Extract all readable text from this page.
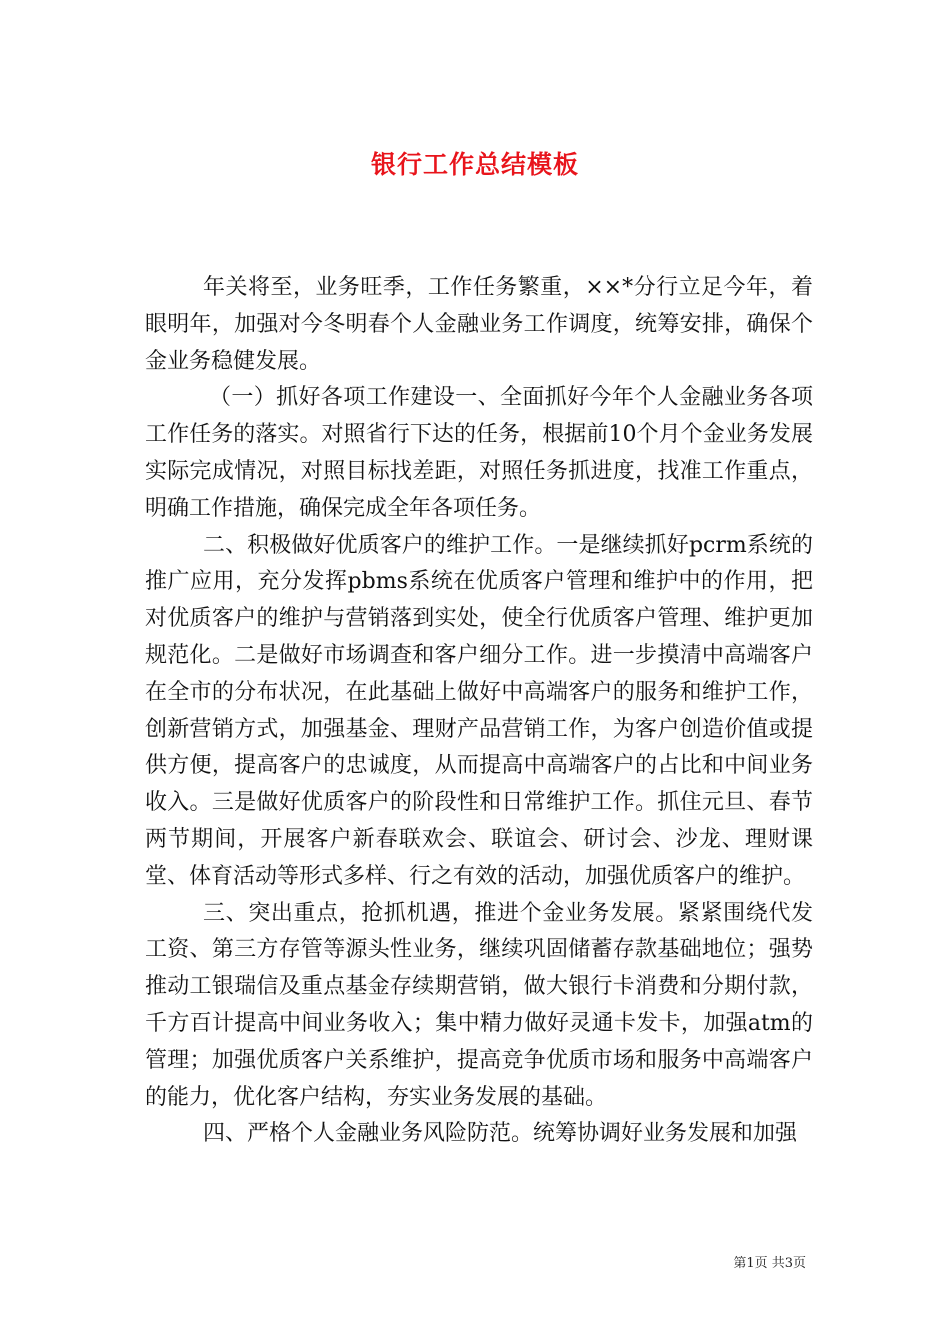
银行工作总结模板

年关将至，业务旺季，工作任务繁重，××*分行立足今年，着眼明年，加强对今冬明春个人金融业务工作调度，统筹安排，确保个金业务稳健发展。

（一）抓好各项工作建设一、全面抓好今年个人金融业务各项工作任务的落实。对照省行下达的任务，根据前10个月个金业务发展实际完成情况，对照目标找差距，对照任务抓进度，找准工作重点，明确工作措施，确保完成全年各项任务。

二、积极做好优质客户的维护工作。一是继续抓好pcrm系统的推广应用，充分发挥pbms系统在优质客户管理和维护中的作用，把对优质客户的维护与营销落到实处，使全行优质客户管理、维护更加规范化。二是做好市场调查和客户细分工作。进一步摸清中高端客户在全市的分布状况，在此基础上做好中高端客户的服务和维护工作，创新营销方式，加强基金、理财产品营销工作，为客户创造价值或提供方便，提高客户的忠诚度，从而提高中高端客户的占比和中间业务收入。三是做好优质客户的阶段性和日常维护工作。抓住元旦、春节两节期间，开展客户新春联欢会、联谊会、研讨会、沙龙、理财课堂、体育活动等形式多样、行之有效的活动，加强优质客户的维护。

三、突出重点，抢抓机遇，推进个金业务发展。紧紧围绕代发工资、第三方存管等源头性业务，继续巩固储蓄存款基础地位；强势推动工银瑞信及重点基金存续期营销，做大银行卡消费和分期付款，千方百计提高中间业务收入；集中精力做好灵通卡发卡，加强atm的管理；加强优质客户关系维护，提高竞争优质市场和服务中高端客户的能力，优化客户结构，夯实业务发展的基础。

四、严格个人金融业务风险防范。统筹协调好业务发展和加强

第1页 共3页
